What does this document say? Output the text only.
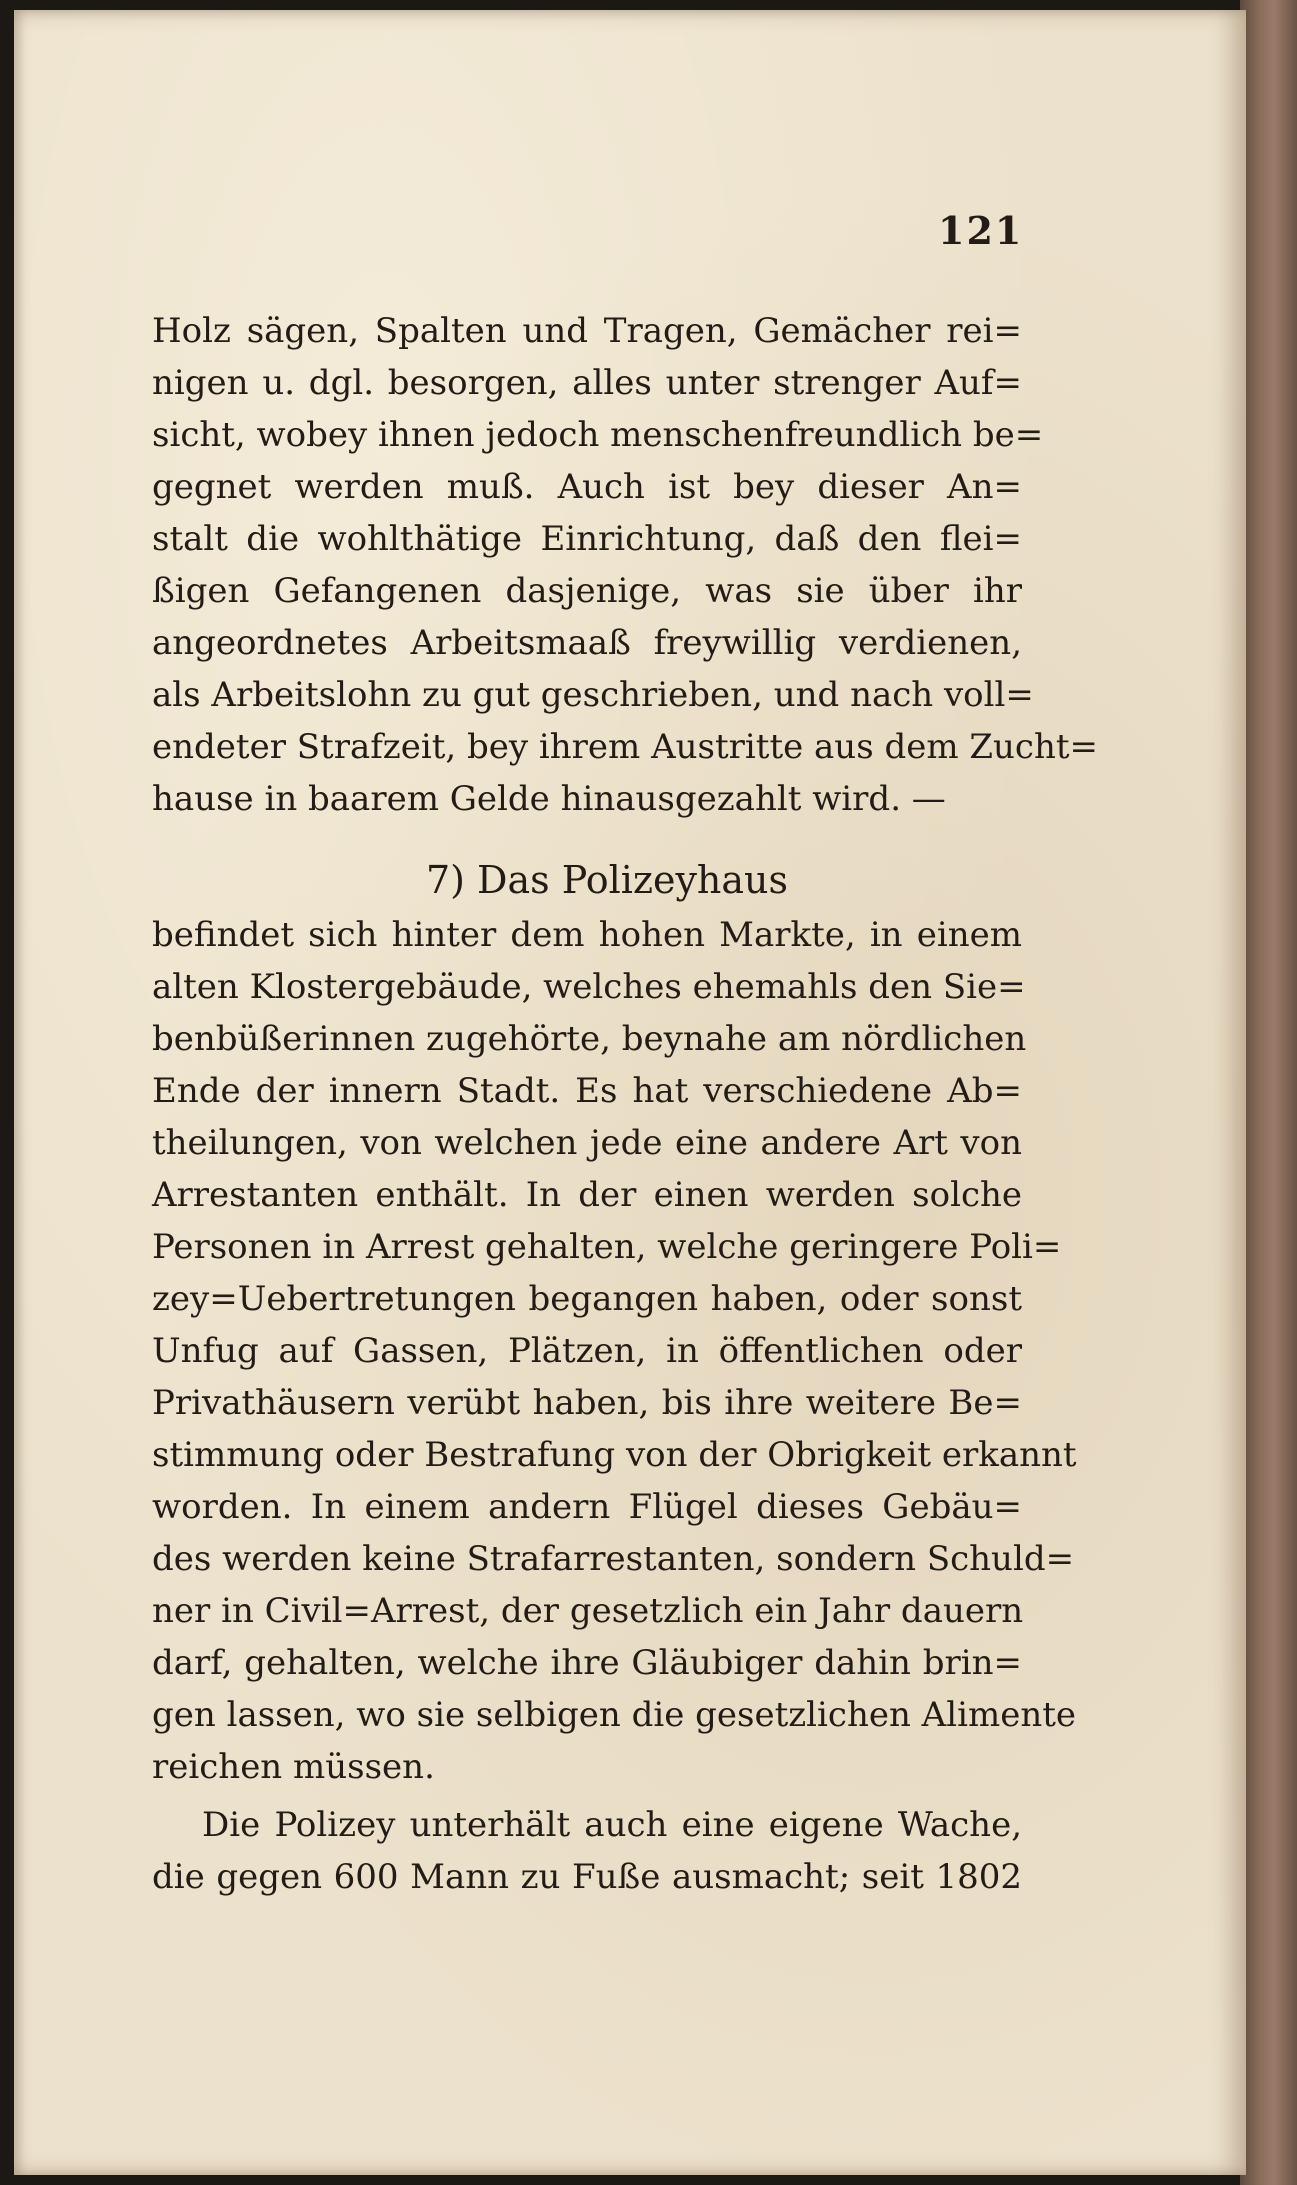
121
Holz sägen, Spalten und Tragen, Gemächer rei=
nigen u. dgl. besorgen, alles unter strenger Auf=
sicht, wobey ihnen jedoch menschenfreundlich be=
gegnet werden muß. Auch ist bey dieser An=
stalt die wohlthätige Einrichtung, daß den flei=
ßigen Gefangenen dasjenige, was sie über ihr
angeordnetes Arbeitsmaaß freywillig verdienen,
als Arbeitslohn zu gut geschrieben, und nach voll=
endeter Strafzeit, bey ihrem Austritte aus dem Zucht=
hause in baarem Gelde hinausgezahlt wird. —
7) Das Polizeyhaus
befindet sich hinter dem hohen Markte, in einem
alten Klostergebäude, welches ehemahls den Sie=
benbüßerinnen zugehörte, beynahe am nördlichen
Ende der innern Stadt. Es hat verschiedene Ab=
theilungen, von welchen jede eine andere Art von
Arrestanten enthält. In der einen werden solche
Personen in Arrest gehalten, welche geringere Poli=
zey=Uebertretungen begangen haben, oder sonst
Unfug auf Gassen, Plätzen, in öffentlichen oder
Privathäusern verübt haben, bis ihre weitere Be=
stimmung oder Bestrafung von der Obrigkeit erkannt
worden. In einem andern Flügel dieses Gebäu=
des werden keine Strafarrestanten, sondern Schuld=
ner in Civil=Arrest, der gesetzlich ein Jahr dauern
darf, gehalten, welche ihre Gläubiger dahin brin=
gen lassen, wo sie selbigen die gesetzlichen Alimente
reichen müssen.
Die Polizey unterhält auch eine eigene Wache,
die gegen 600 Mann zu Fuße ausmacht; seit 1802
